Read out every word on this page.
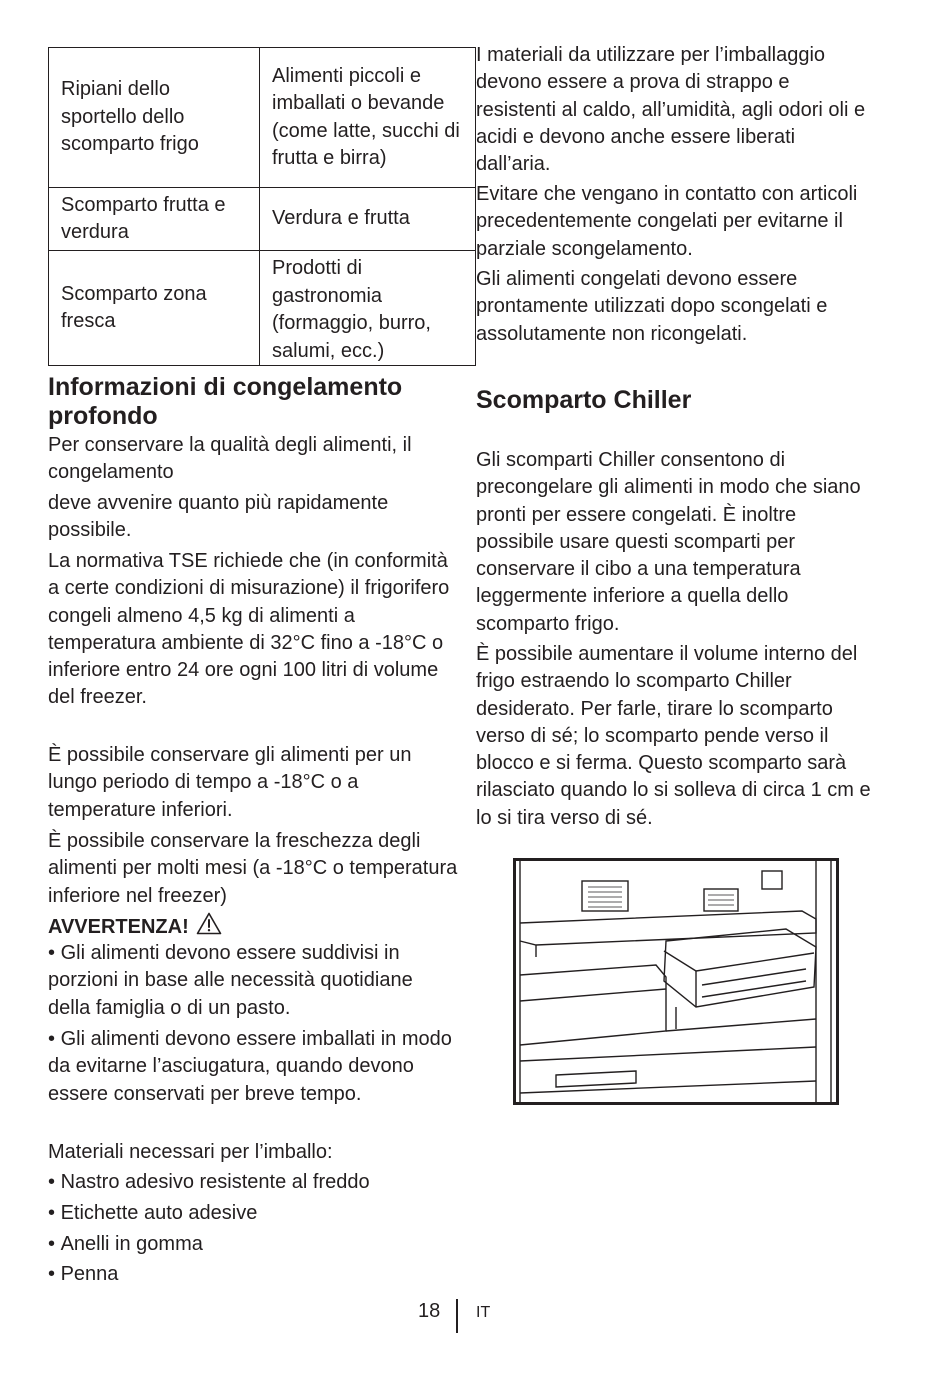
Ripiani dello sportello dello scomparto frigo	Alimenti piccoli e imballati o bevande (come latte, succhi di frutta e birra)
Scomparto frutta e verdura	Verdura e frutta
Scomparto zona fresca	Prodotti di gastronomia (formaggio, burro, salumi, ecc.)
Informazioni di congelamento profondo

Per conservare la qualità degli alimenti, il congelamento

deve avvenire quanto più rapidamente possibile.

La normativa TSE richiede che (in conformità a certe condizioni di misurazione) il frigorifero congeli almeno 4,5 kg di alimenti a temperatura ambiente di 32°C fino a -18°C o inferiore entro 24 ore ogni 100 litri di volume del freezer.

È possibile conservare gli alimenti per un lungo periodo di tempo a -18°C o a temperature inferiori.

È possibile conservare la freschezza degli alimenti per molti mesi (a -18°C o temperatura inferiore nel freezer)

AVVERTENZA!

• Gli alimenti devono essere suddivisi in porzioni in base alle necessità quotidiane della famiglia o di un pasto.

• Gli alimenti devono essere imballati in modo da evitarne l’asciugatura, quando devono essere conservati per breve tempo.

Materiali necessari per l’imballo:

• Nastro adesivo resistente al freddo

• Etichette auto adesive

• Anelli in gomma

• Penna

I materiali da utilizzare per l’imballaggio devono essere a prova di strappo e resistenti al caldo, all’umidità, agli odori oli e acidi e devono anche essere liberati dall’aria.

Evitare che vengano in contatto con articoli precedentemente congelati per evitarne il parziale scongelamento.

Gli alimenti congelati devono essere prontamente utilizzati dopo scongelati e assolutamente non ricongelati.

Scomparto Chiller

Gli scomparti Chiller consentono di precongelare gli alimenti in modo che siano pronti per essere congelati. È inoltre possibile usare questi scomparti per conservare il cibo a una temperatura leggermente inferiore a quella dello scomparto frigo.

È possibile aumentare il volume interno del frigo estraendo lo scomparto Chiller desiderato. Per farle, tirare lo scomparto verso di sé; lo scomparto pende verso il blocco e si ferma. Questo scomparto sarà rilasciato quando lo si solleva di circa 1 cm e lo si tira verso di sé.

18 IT
